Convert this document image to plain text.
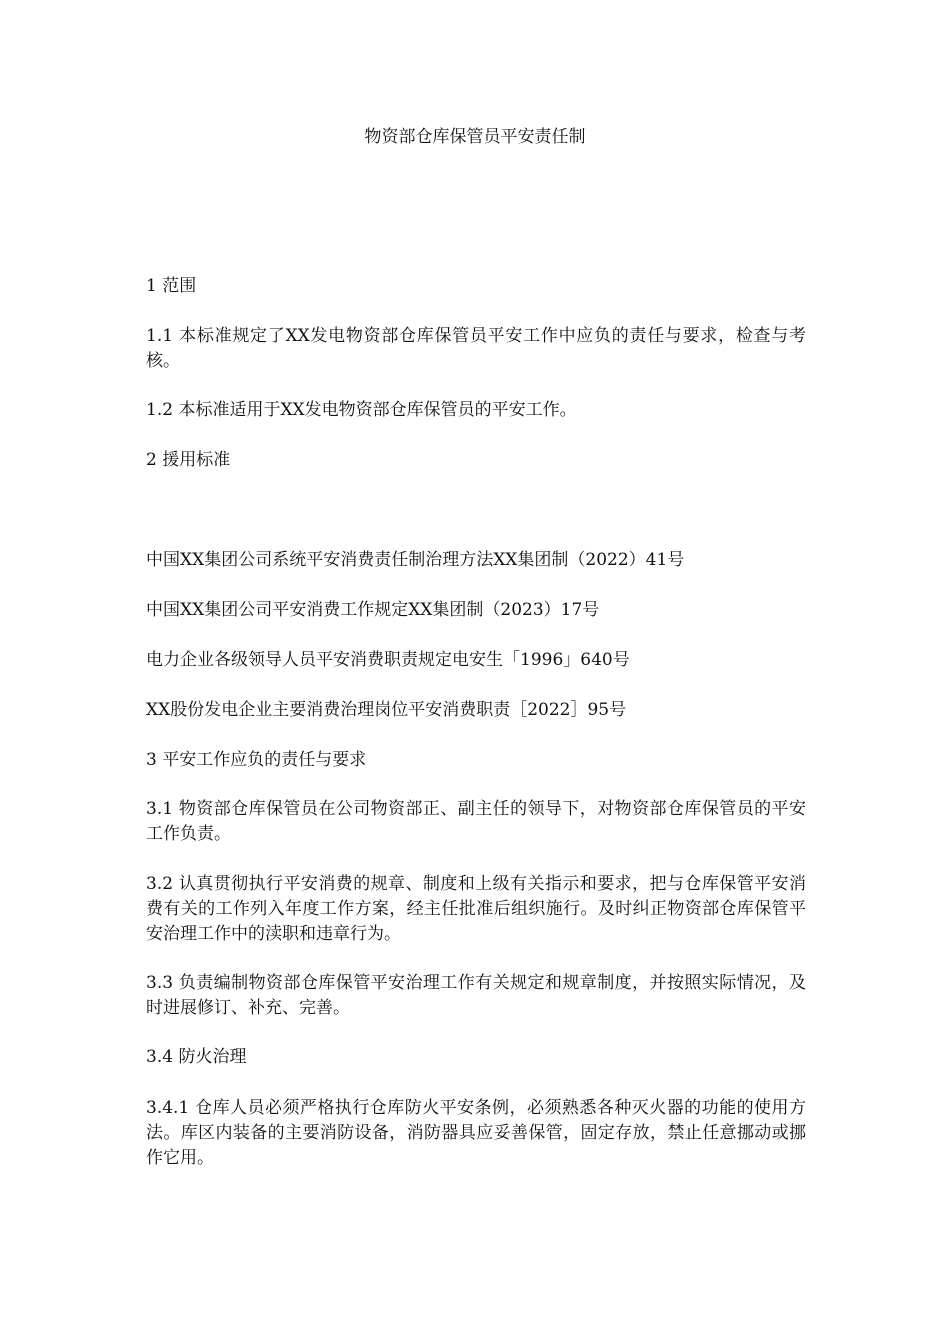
物资部仓库保管员平安责任制

1 范围

1.1 本标准规定了XX发电物资部仓库保管员平安工作中应负的责任与要求，检查与考核。

1.2 本标准适用于XX发电物资部仓库保管员的平安工作。

2 援用标准

中国XX集团公司系统平安消费责任制治理方法XX集团制（2022）41号

中国XX集团公司平安消费工作规定XX集团制（2023）17号

电力企业各级领导人员平安消费职责规定电安生「1996」640号

XX股份发电企业主要消费治理岗位平安消费职责［2022］95号

3 平安工作应负的责任与要求

3.1 物资部仓库保管员在公司物资部正、副主任的领导下，对物资部仓库保管员的平安工作负责。

3.2 认真贯彻执行平安消费的规章、制度和上级有关指示和要求，把与仓库保管平安消费有关的工作列入年度工作方案，经主任批准后组织施行。及时纠正物资部仓库保管平安治理工作中的渎职和违章行为。

3.3 负责编制物资部仓库保管平安治理工作有关规定和规章制度，并按照实际情况，及时进展修订、补充、完善。

3.4 防火治理

3.4.1 仓库人员必须严格执行仓库防火平安条例，必须熟悉各种灭火器的功能的使用方法。库区内装备的主要消防设备，消防器具应妥善保管，固定存放，禁止任意挪动或挪作它用。
